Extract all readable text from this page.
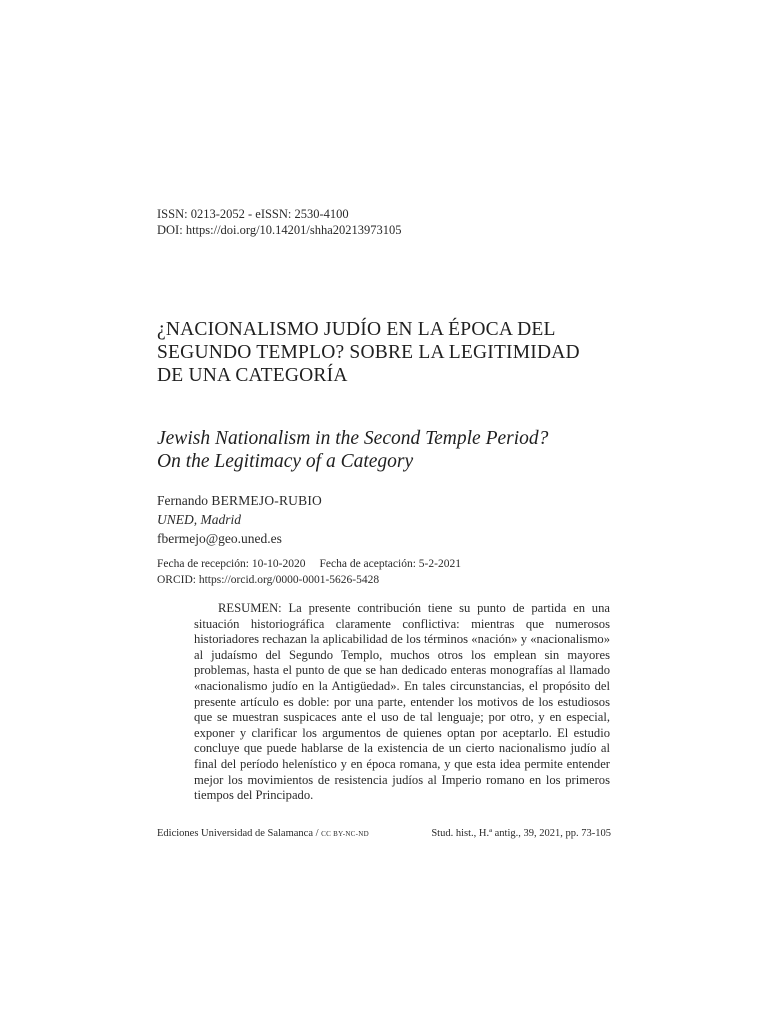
ISSN: 0213-2052 - eISSN: 2530-4100
DOI: https://doi.org/10.14201/shha20213973105
¿NACIONALISMO JUDÍO EN LA ÉPOCA DEL
SEGUNDO TEMPLO? SOBRE LA LEGITIMIDAD
DE UNA CATEGORÍA
Jewish Nationalism in the Second Temple Period?
On the Legitimacy of a Category
Fernando BERMEJO-RUBIO
UNED, Madrid
fbermejo@geo.uned.es
Fecha de recepción: 10-10-2020 Fecha de aceptación: 5-2-2021
ORCID: https://orcid.org/0000-0001-5626-5428

RESUMEN: La presente contribución tiene su punto de partida en una situación historiográfica claramente conflictiva: mientras que numerosos historiadores rechazan la aplicabilidad de los términos «nación» y «nacionalismo» al judaísmo del Segundo Templo, muchos otros los emplean sin mayores problemas, hasta el punto de que se han dedicado enteras monografías al llamado «nacionalismo judío en la Antigüedad». En tales circunstancias, el propósito del presente artículo es doble: por una parte, entender los motivos de los estudiosos que se muestran suspicaces ante el uso de tal lenguaje; por otro, y en especial, exponer y clarificar los argumentos de quienes optan por aceptarlo. El estudio concluye que puede hablarse de la existencia de un cierto nacionalismo judío al final del período helenístico y en época romana, y que esta idea permite entender mejor los movimientos de resistencia judíos al Imperio romano en los primeros tiempos del Principado.

Ediciones Universidad de Salamanca / CC BY-NC-ND	Stud. hist., H.ª antig., 39, 2021, pp. 73-105
